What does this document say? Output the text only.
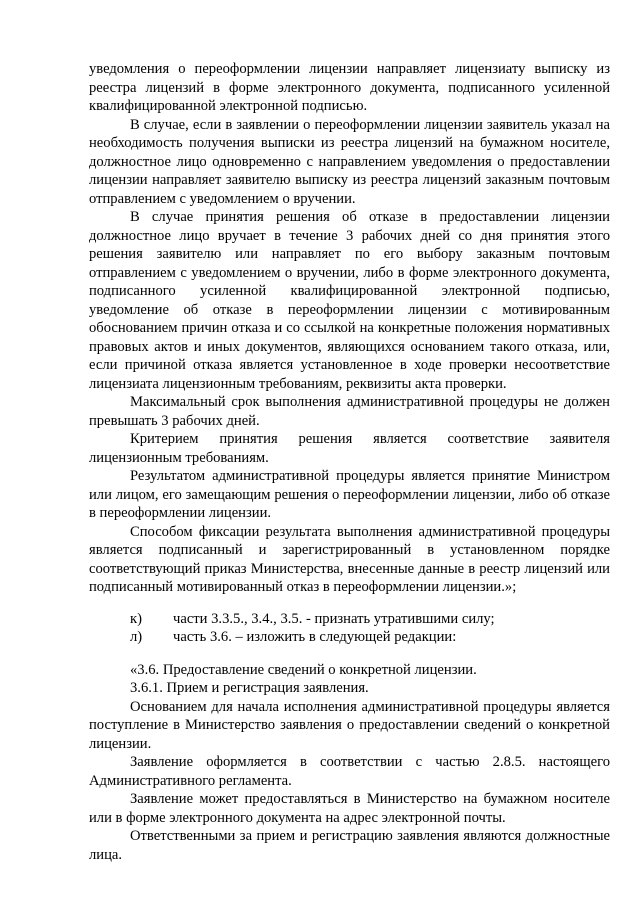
уведомления о переоформлении лицензии направляет лицензиату выписку из реестра лицензий в форме электронного документа, подписанного усиленной квалифицированной электронной подписью.

В случае, если в заявлении о переоформлении лицензии заявитель указал на необходимость получения выписки из реестра лицензий на бумажном носителе, должностное лицо одновременно с направлением уведомления о предоставлении лицензии направляет заявителю выписку из реестра лицензий заказным почтовым отправлением с уведомлением о вручении.

В случае принятия решения об отказе в предоставлении лицензии должностное лицо вручает в течение 3 рабочих дней со дня принятия этого решения заявителю или направляет по его выбору заказным почтовым отправлением с уведомлением о вручении, либо в форме электронного документа, подписанного усиленной квалифицированной электронной подписью, уведомление об отказе в переоформлении лицензии с мотивированным обоснованием причин отказа и со ссылкой на конкретные положения нормативных правовых актов и иных документов, являющихся основанием такого отказа, или, если причиной отказа является установленное в ходе проверки несоответствие лицензиата лицензионным требованиям, реквизиты акта проверки.

Максимальный срок выполнения административной процедуры не должен превышать 3 рабочих дней.

Критерием принятия решения является соответствие заявителя лицензионным требованиям.

Результатом административной процедуры является принятие Министром или лицом, его замещающим решения о переоформлении лицензии, либо об отказе в переоформлении лицензии.

Способом фиксации результата выполнения административной процедуры является подписанный и зарегистрированный в установленном порядке соответствующий приказ Министерства, внесенные данные в реестр лицензий или подписанный мотивированный отказ в переоформлении лицензии.»;

к)	части 3.3.5., 3.4., 3.5. - признать утратившими силу;
л)	часть 3.6. – изложить в следующей редакции:

«3.6. Предоставление сведений о конкретной лицензии.

3.6.1. Прием и регистрация заявления.

Основанием для начала исполнения административной процедуры является поступление в Министерство заявления о предоставлении сведений о конкретной лицензии.

Заявление оформляется в соответствии с частью 2.8.5. настоящего Административного регламента.

Заявление может предоставляться в Министерство на бумажном носителе или в форме электронного документа на адрес электронной почты.

Ответственными за прием и регистрацию заявления являются должностные лица.
